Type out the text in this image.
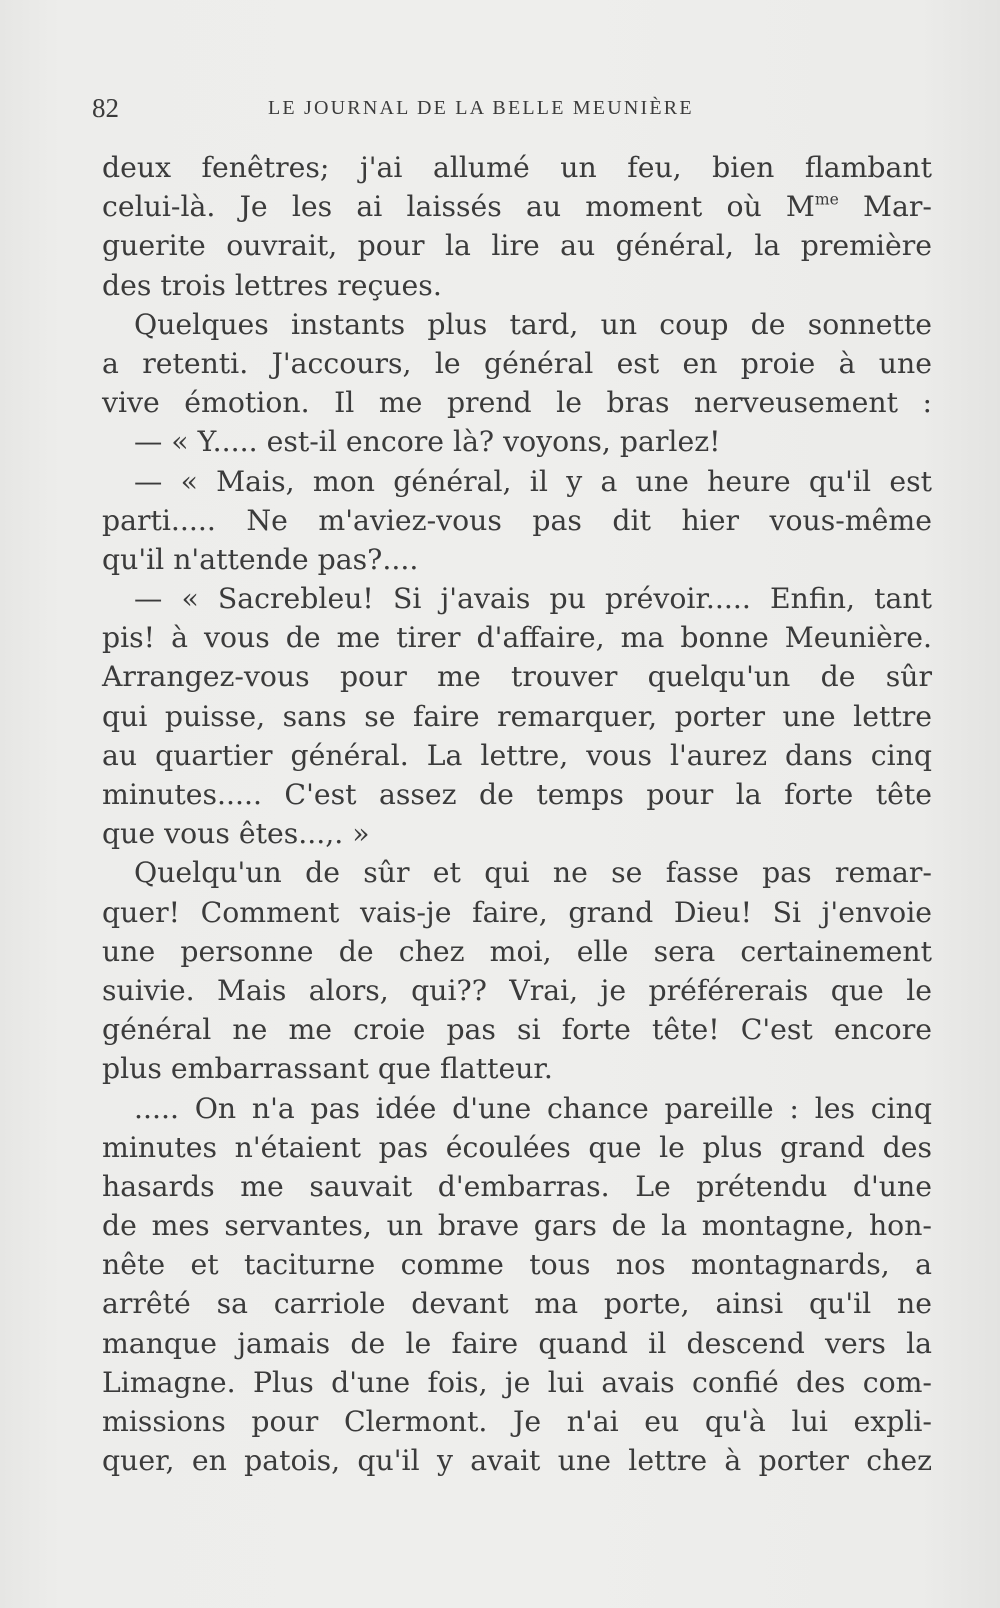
82	LE JOURNAL DE LA BELLE MEUNIÈRE
deux fenêtres; j'ai allumé un feu, bien flambant
celui-là. Je les ai laissés au moment où $M^{me}$ Mar-
guerite ouvrait, pour la lire au général, la première
des trois lettres reçues.
Quelques instants plus tard, un coup de sonnette
a retenti. J'accours, le général est en proie à une
vive émotion. Il me prend le bras nerveusement :
— « Y..... est-il encore là? voyons, parlez!
— « Mais, mon général, il y a une heure qu'il est
parti..... Ne m'aviez-vous pas dit hier vous-même
qu'il n'attende pas?....
— « Sacrebleu! Si j'avais pu prévoir..... Enfin, tant
pis! à vous de me tirer d'affaire, ma bonne Meunière.
Arrangez-vous pour me trouver quelqu'un de sûr
qui puisse, sans se faire remarquer, porter une lettre
au quartier général. La lettre, vous l'aurez dans cinq
minutes..... C'est assez de temps pour la forte tête
que vous êtes...,. »
Quelqu'un de sûr et qui ne se fasse pas remar-
quer! Comment vais-je faire, grand Dieu! Si j'envoie
une personne de chez moi, elle sera certainement
suivie. Mais alors, qui?? Vrai, je préférerais que le
général ne me croie pas si forte tête! C'est encore
plus embarrassant que flatteur.
..... On n'a pas idée d'une chance pareille : les cinq
minutes n'étaient pas écoulées que le plus grand des
hasards me sauvait d'embarras. Le prétendu d'une
de mes servantes, un brave gars de la montagne, hon-
nête et taciturne comme tous nos montagnards, a
arrêté sa carriole devant ma porte, ainsi qu'il ne
manque jamais de le faire quand il descend vers la
Limagne. Plus d'une fois, je lui avais confié des com-
missions pour Clermont. Je n'ai eu qu'à lui expli-
quer, en patois, qu'il y avait une lettre à porter chez
